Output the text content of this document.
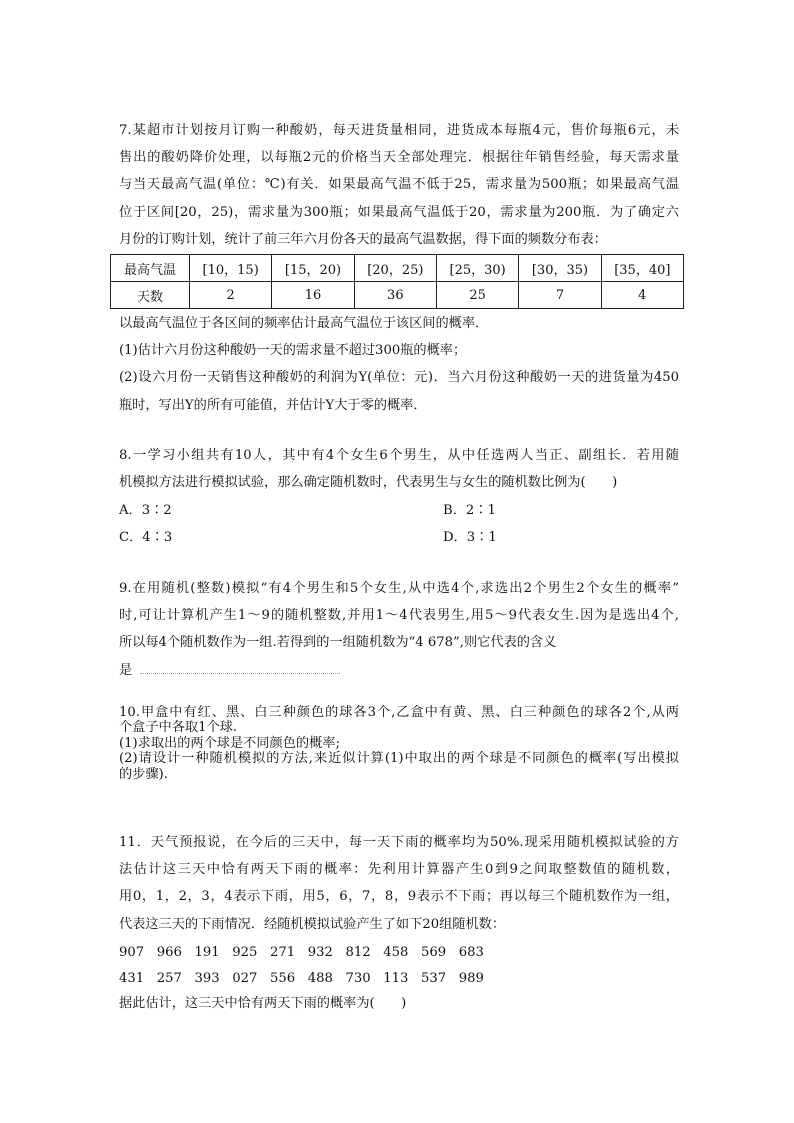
7.某超市计划按月订购一种酸奶，每天进货量相同，进货成本每瓶4元，售价每瓶6元，未
售出的酸奶降价处理，以每瓶2元的价格当天全部处理完．根据往年销售经验，每天需求量
与当天最高气温(单位：℃)有关．如果最高气温不低于25，需求量为500瓶；如果最高气温
位于区间[20，25)，需求量为300瓶；如果最高气温低于20，需求量为200瓶．为了确定六
月份的订购计划，统计了前三年六月份各天的最高气温数据，得下面的频数分布表：
最高气温	[10，15)	[15，20)	[20，25)	[25，30)	[30，35)	[35，40]
天数	2	16	36	25	7	4
以最高气温位于各区间的频率估计最高气温位于该区间的概率．
(1)估计六月份这种酸奶一天的需求量不超过300瓶的概率；
(2)设六月份一天销售这种酸奶的利润为Y(单位：元)．当六月份这种酸奶一天的进货量为450
瓶时，写出Y的所有可能值，并估计Y大于零的概率．
8.一学习小组共有10人，其中有4个女生6个男生，从中任选两人当正、副组长．若用随
机模拟方法进行模拟试验，那么确定随机数时，代表男生与女生的随机数比例为(　　)
A．3∶2	B．2∶1
C．4∶3	D．3∶1
9.在用随机(整数)模拟“有4个男生和5个女生,从中选4个,求选出2个男生2个女生的概率”
时,可让计算机产生1～9的随机整数,并用1～4代表男生,用5～9代表女生.因为是选出4个,
所以每4个随机数作为一组.若得到的一组随机数为“4 678”,则它代表的含义
是
10.甲盒中有红、黑、白三种颜色的球各3个,乙盒中有黄、黑、白三种颜色的球各2个,从两
个盒子中各取1个球.
(1)求取出的两个球是不同颜色的概率;
(2)请设计一种随机模拟的方法,来近似计算(1)中取出的两个球是不同颜色的概率(写出模拟
的步骤).
11．天气预报说，在今后的三天中，每一天下雨的概率均为50%.现采用随机模拟试验的方
法估计这三天中恰有两天下雨的概率：先利用计算器产生0到9之间取整数值的随机数，
用0，1，2，3，4表示下雨，用5，6，7，8，9表示不下雨；再以每三个随机数作为一组，
代表这三天的下雨情况．经随机模拟试验产生了如下20组随机数：
907   966   191   925   271   932   812   458   569   683
431   257   393   027   556   488   730   113   537   989
据此估计，这三天中恰有两天下雨的概率为(　　)
